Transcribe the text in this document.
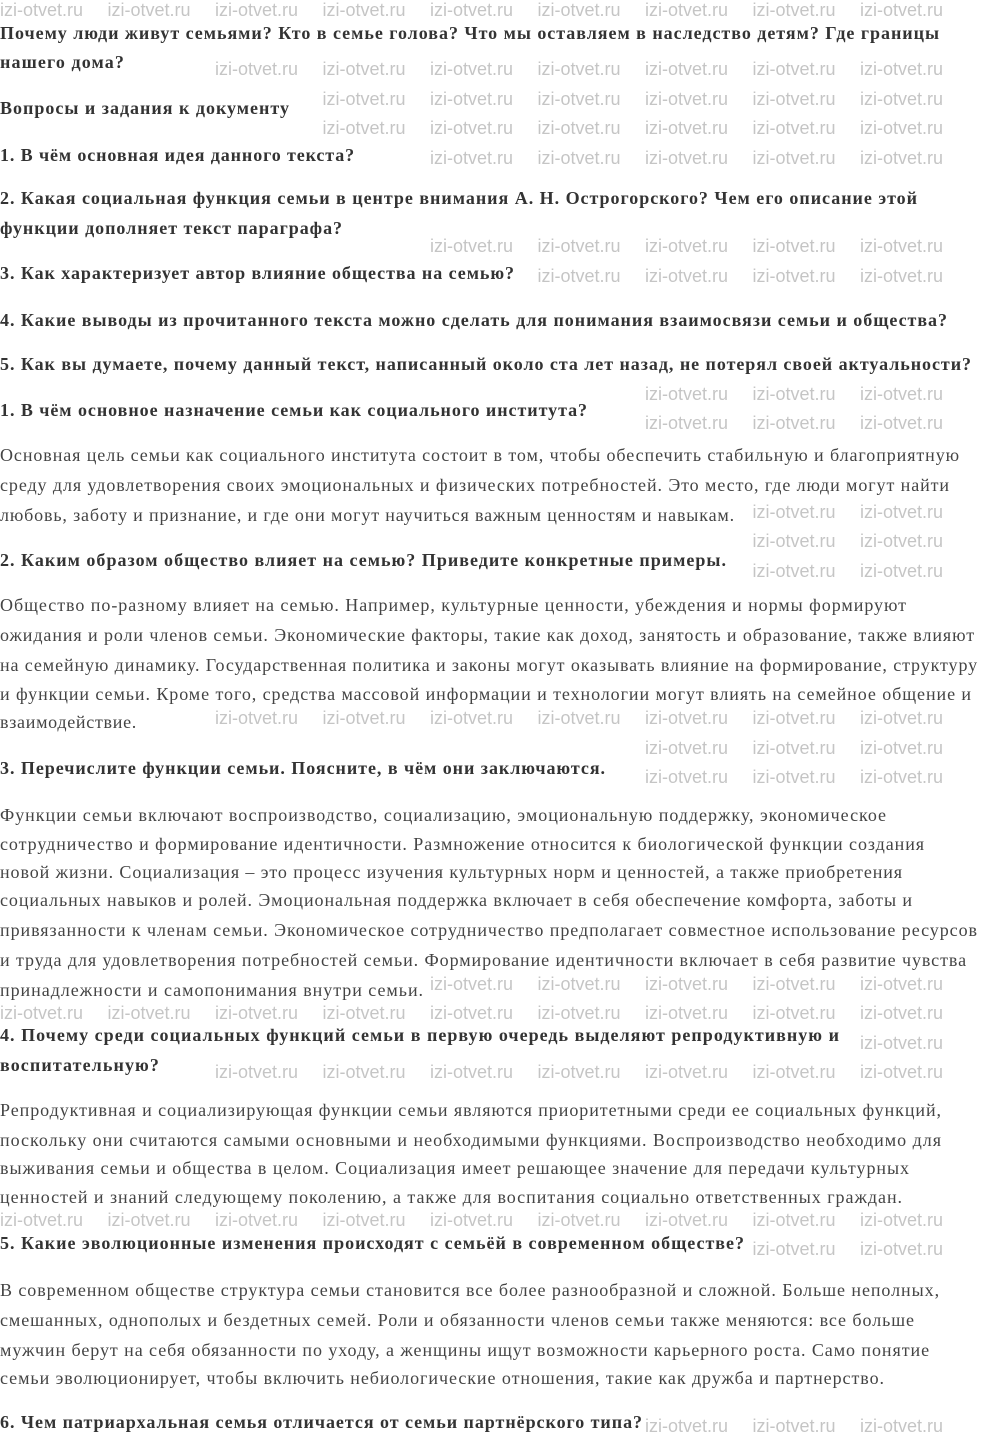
Почему люди живут семьями? Кто в семье голова? Что мы оставляем в наследство детям? Где границы
нашего дома?
Вопросы и задания к документу
1. В чём основная идея данного текста?
2. Какая социальная функция семьи в центре внимания А. Н. Острогорского? Чем его описание этой
функции дополняет текст параграфа?
3. Как характеризует автор влияние общества на семью?
4. Какие выводы из прочитанного текста можно сделать для понимания взаимосвязи семьи и общества?
5. Как вы думаете, почему данный текст, написанный около ста лет назад, не потерял своей актуальности?
1. В чём основное назначение семьи как социального института?
Основная цель семьи как социального института состоит в том, чтобы обеспечить стабильную и благоприятную
среду для удовлетворения своих эмоциональных и физических потребностей. Это место, где люди могут найти
любовь, заботу и признание, и где они могут научиться важным ценностям и навыкам.
2. Каким образом общество влияет на семью? Приведите конкретные примеры.
Общество по-разному влияет на семью. Например, культурные ценности, убеждения и нормы формируют
ожидания и роли членов семьи. Экономические факторы, такие как доход, занятость и образование, также влияют
на семейную динамику. Государственная политика и законы могут оказывать влияние на формирование, структуру
и функции семьи. Кроме того, средства массовой информации и технологии могут влиять на семейное общение и
взаимодействие.
3. Перечислите функции семьи. Поясните, в чём они заключаются.
Функции семьи включают воспроизводство, социализацию, эмоциональную поддержку, экономическое
сотрудничество и формирование идентичности. Размножение относится к биологической функции создания
новой жизни. Социализация – это процесс изучения культурных норм и ценностей, а также приобретения
социальных навыков и ролей. Эмоциональная поддержка включает в себя обеспечение комфорта, заботы и
привязанности к членам семьи. Экономическое сотрудничество предполагает совместное использование ресурсов
и труда для удовлетворения потребностей семьи. Формирование идентичности включает в себя развитие чувства
принадлежности и самопонимания внутри семьи.
4. Почему среди социальных функций семьи в первую очередь выделяют репродуктивную и
воспитательную?
Репродуктивная и социализирующая функции семьи являются приоритетными среди ее социальных функций,
поскольку они считаются самыми основными и необходимыми функциями. Воспроизводство необходимо для
выживания семьи и общества в целом. Социализация имеет решающее значение для передачи культурных
ценностей и знаний следующему поколению, а также для воспитания социально ответственных граждан.
5. Какие эволюционные изменения происходят с семьёй в современном обществе?
В современном обществе структура семьи становится все более разнообразной и сложной. Больше неполных,
смешанных, однополых и бездетных семей. Роли и обязанности членов семьи также меняются: все больше
мужчин берут на себя обязанности по уходу, а женщины ищут возможности карьерного роста. Само понятие
семьи эволюционирует, чтобы включить небиологические отношения, такие как дружба и партнерство.
6. Чем патриархальная семья отличается от семьи партнёрского типа?
izi-otvet.ru izi-otvet.ru izi-otvet.ru izi-otvet.ru izi-otvet.ru izi-otvet.ru izi-otvet.ru izi-otvet.ru izi-otvet.ru
izi-otvet.ru izi-otvet.ru izi-otvet.ru izi-otvet.ru izi-otvet.ru izi-otvet.ru izi-otvet.ru
izi-otvet.ru izi-otvet.ru izi-otvet.ru izi-otvet.ru izi-otvet.ru izi-otvet.ru
izi-otvet.ru izi-otvet.ru izi-otvet.ru izi-otvet.ru izi-otvet.ru izi-otvet.ru
izi-otvet.ru izi-otvet.ru izi-otvet.ru izi-otvet.ru izi-otvet.ru
izi-otvet.ru izi-otvet.ru izi-otvet.ru izi-otvet.ru izi-otvet.ru
izi-otvet.ru izi-otvet.ru izi-otvet.ru izi-otvet.ru
izi-otvet.ru izi-otvet.ru izi-otvet.ru
izi-otvet.ru izi-otvet.ru izi-otvet.ru
izi-otvet.ru izi-otvet.ru
izi-otvet.ru izi-otvet.ru
izi-otvet.ru izi-otvet.ru
izi-otvet.ru izi-otvet.ru izi-otvet.ru izi-otvet.ru izi-otvet.ru izi-otvet.ru izi-otvet.ru
izi-otvet.ru izi-otvet.ru izi-otvet.ru
izi-otvet.ru izi-otvet.ru izi-otvet.ru
izi-otvet.ru izi-otvet.ru izi-otvet.ru izi-otvet.ru izi-otvet.ru
izi-otvet.ru izi-otvet.ru izi-otvet.ru izi-otvet.ru izi-otvet.ru izi-otvet.ru izi-otvet.ru izi-otvet.ru izi-otvet.ru
izi-otvet.ru
izi-otvet.ru izi-otvet.ru izi-otvet.ru izi-otvet.ru izi-otvet.ru izi-otvet.ru izi-otvet.ru
izi-otvet.ru izi-otvet.ru izi-otvet.ru izi-otvet.ru izi-otvet.ru izi-otvet.ru izi-otvet.ru izi-otvet.ru izi-otvet.ru
izi-otvet.ru izi-otvet.ru
izi-otvet.ru izi-otvet.ru izi-otvet.ru
